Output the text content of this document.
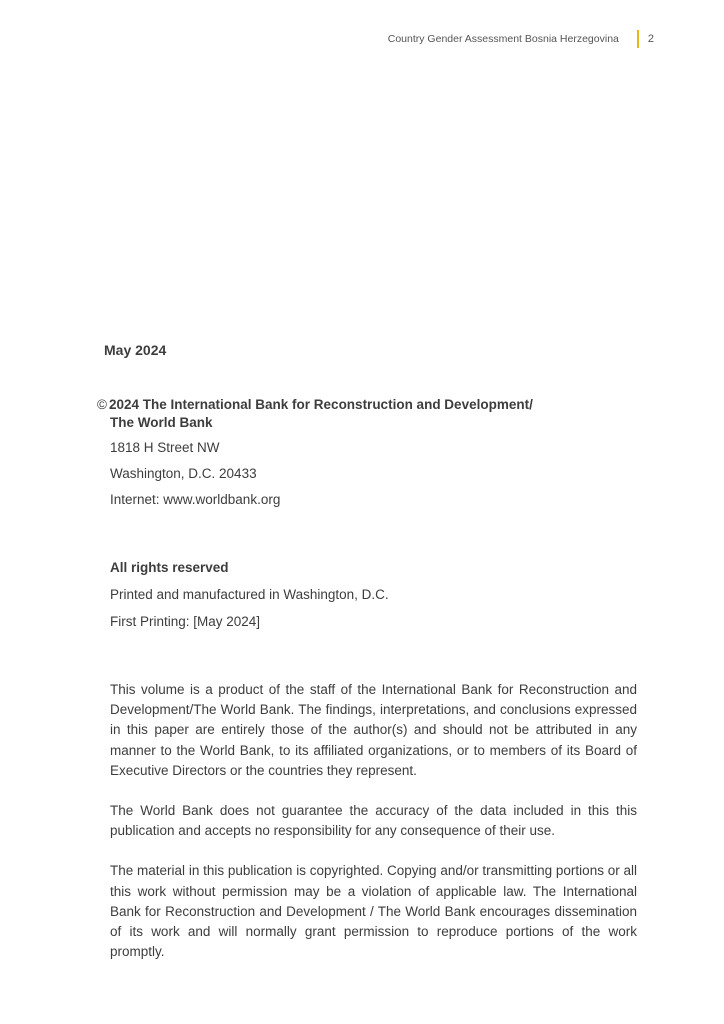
Country Gender Assessment Bosnia Herzegovina	2
May 2024
© 2024 The International Bank for Reconstruction and Development/
The World Bank
1818 H Street NW
Washington, D.C. 20433
Internet: www.worldbank.org
All rights reserved
Printed and manufactured in Washington, D.C.
First Printing: [May 2024]

This volume is a product of the staff of the International Bank for Reconstruction and Development/The World Bank. The findings, interpretations, and conclusions expressed in this paper are entirely those of the author(s) and should not be attributed in any manner to the World Bank, to its affiliated organizations, or to members of its Board of Executive Directors or the countries they represent.

The World Bank does not guarantee the accuracy of the data included in this this publication and accepts no responsibility for any consequence of their use.

The material in this publication is copyrighted. Copying and/or transmitting portions or all this work without permission may be a violation of applicable law. The International Bank for Reconstruction and Development / The World Bank encourages dissemination of its work and will normally grant permission to reproduce portions of the work promptly.
